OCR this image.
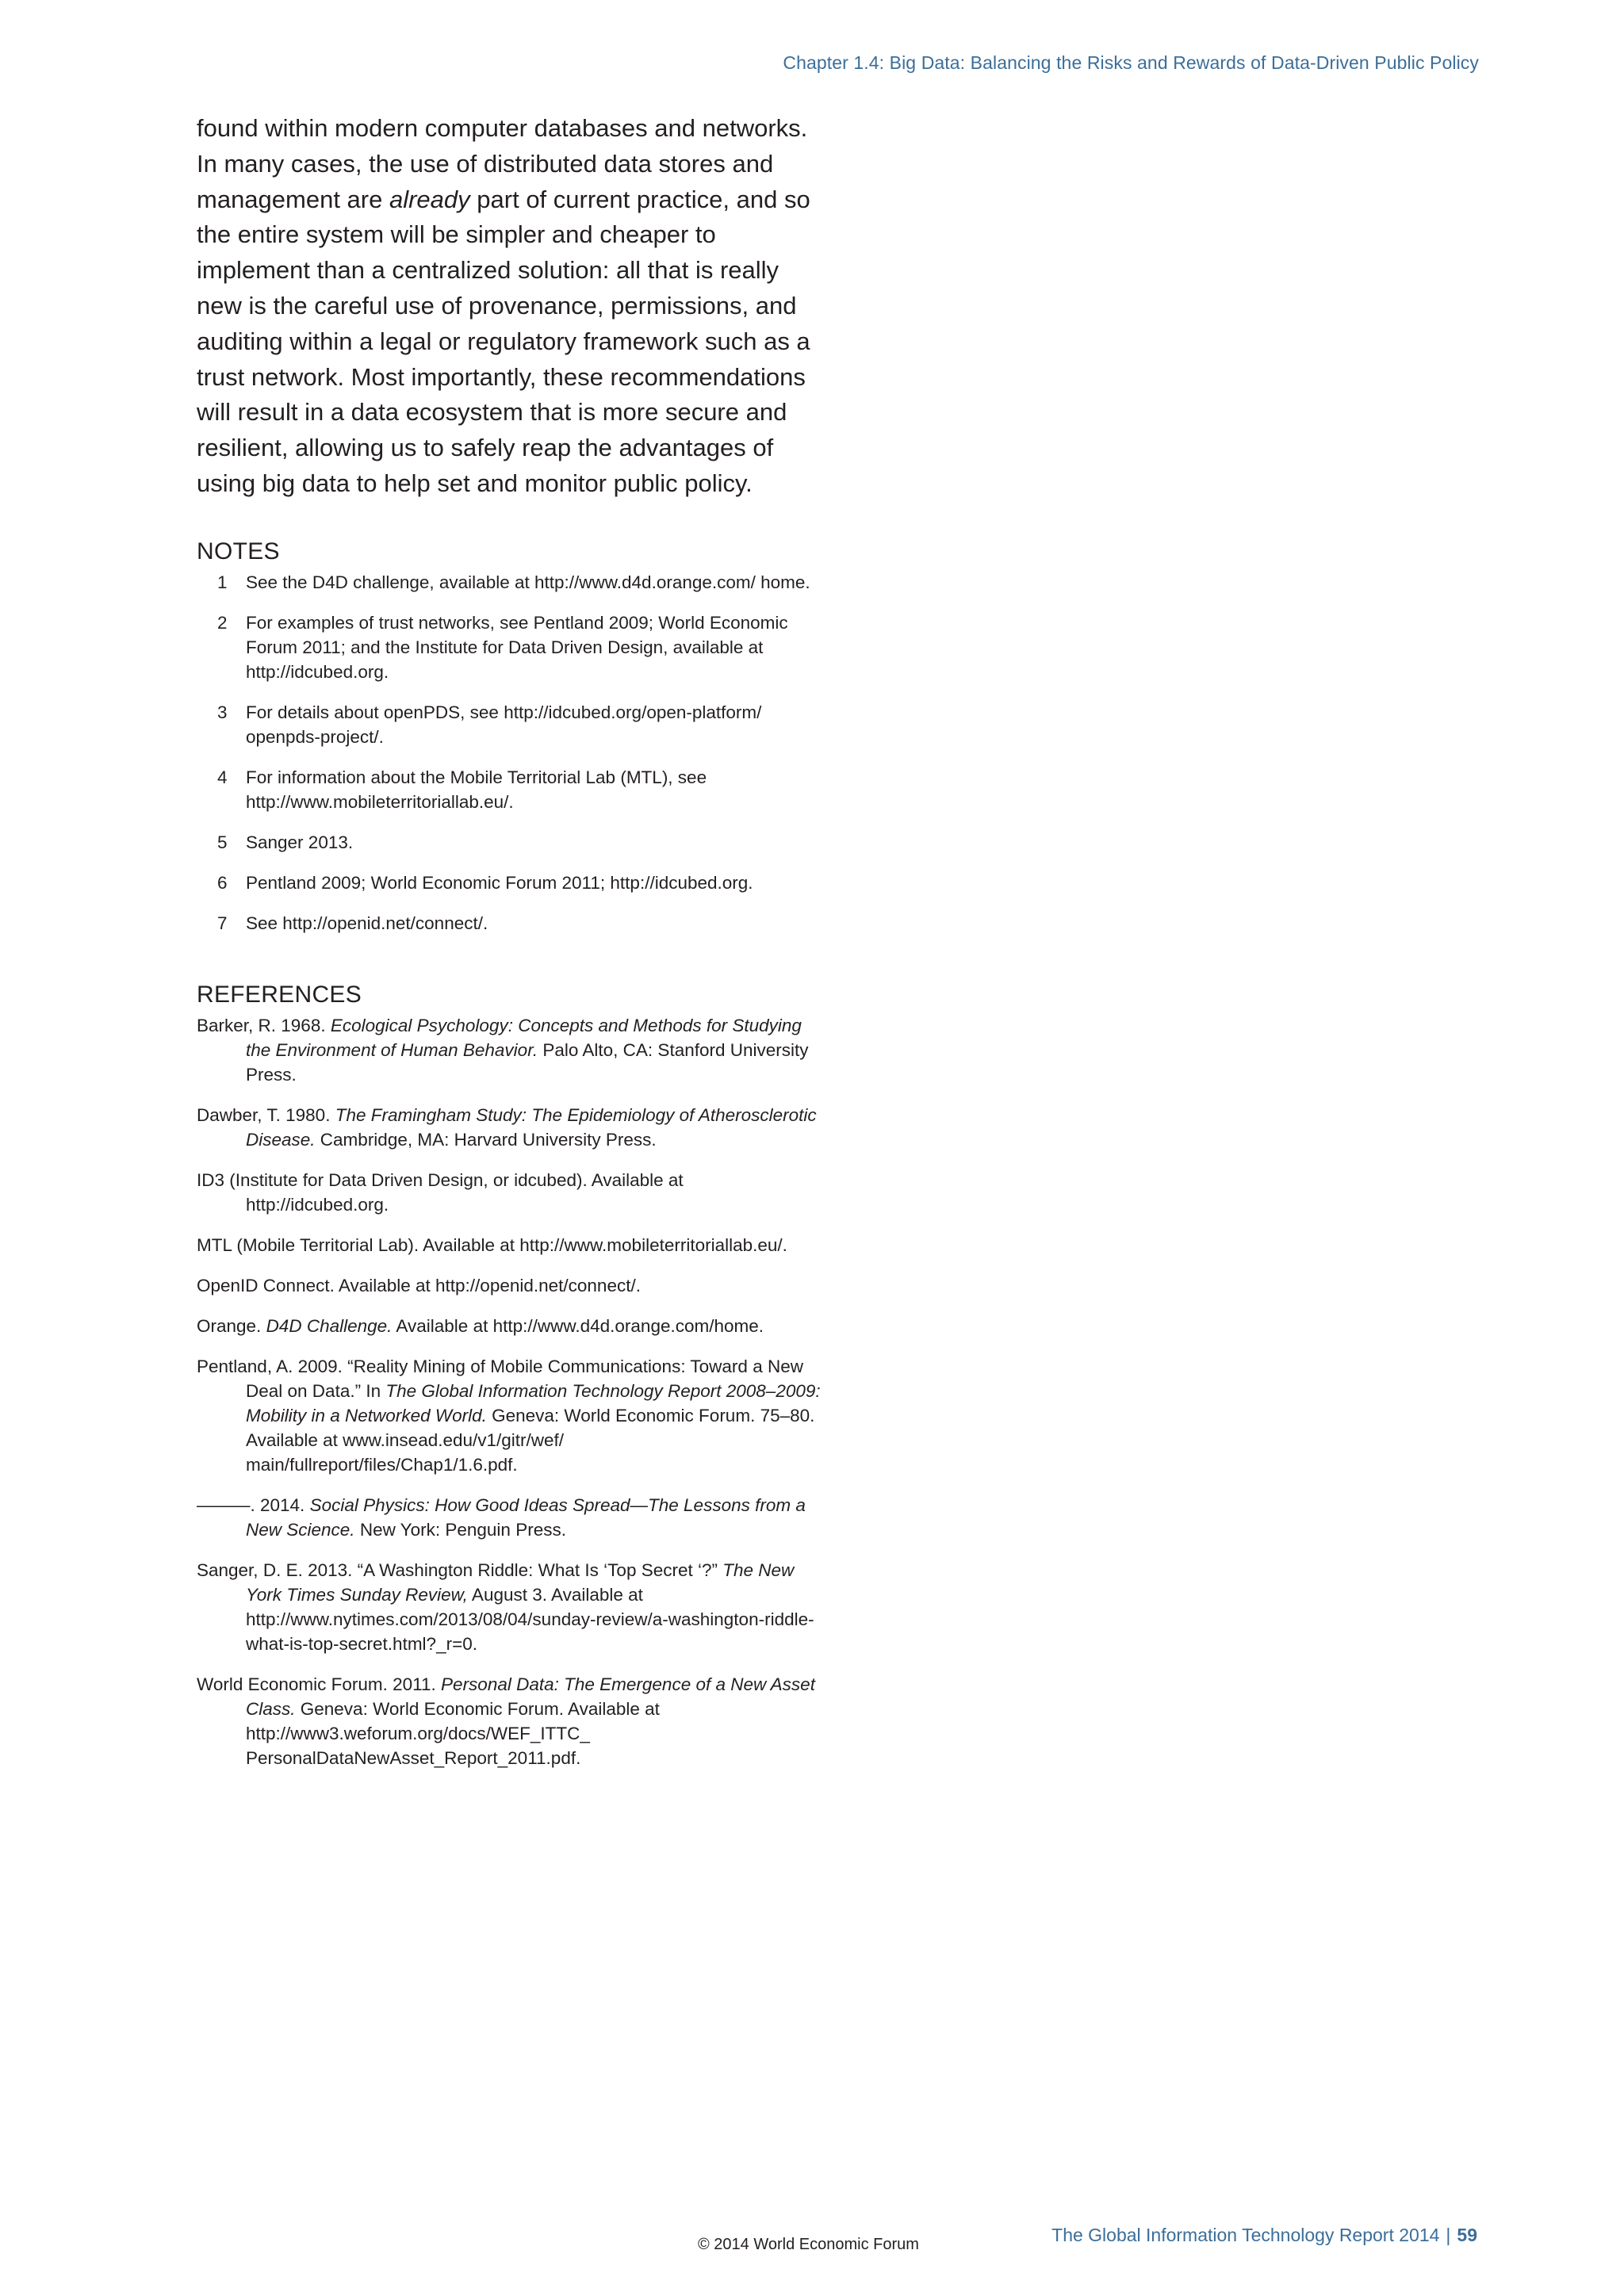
Chapter 1.4: Big Data: Balancing the Risks and Rewards of Data-Driven Public Policy

found within modern computer databases and networks. In many cases, the use of distributed data stores and management are already part of current practice, and so the entire system will be simpler and cheaper to implement than a centralized solution: all that is really new is the careful use of provenance, permissions, and auditing within a legal or regulatory framework such as a trust network. Most importantly, these recommendations will result in a data ecosystem that is more secure and resilient, allowing us to safely reap the advantages of using big data to help set and monitor public policy.

NOTES
1 See the D4D challenge, available at http://www.d4d.orange.com/ home.
2 For examples of trust networks, see Pentland 2009; World Economic Forum 2011; and the Institute for Data Driven Design, available at http://idcubed.org.
3 For details about openPDS, see http://idcubed.org/open-platform/ openpds-project/.
4 For information about the Mobile Territorial Lab (MTL), see http://www.mobileterritoriallab.eu/.
5 Sanger 2013.
6 Pentland 2009; World Economic Forum 2011; http://idcubed.org.
7 See http://openid.net/connect/.
REFERENCES
Barker, R. 1968. Ecological Psychology: Concepts and Methods for Studying the Environment of Human Behavior. Palo Alto, CA: Stanford University Press.
Dawber, T. 1980. The Framingham Study: The Epidemiology of Atherosclerotic Disease. Cambridge, MA: Harvard University Press.
ID3 (Institute for Data Driven Design, or idcubed). Available at http://idcubed.org.
MTL (Mobile Territorial Lab). Available at http://www.mobileterritoriallab.eu/.
OpenID Connect. Available at http://openid.net/connect/.
Orange. D4D Challenge. Available at http://www.d4d.orange.com/home.
Pentland, A. 2009. “Reality Mining of Mobile Communications: Toward a New Deal on Data.” In The Global Information Technology Report 2008–2009: Mobility in a Networked World. Geneva: World Economic Forum. 75–80. Available at www.insead.edu/v1/gitr/wef/ main/fullreport/files/Chap1/1.6.pdf.
———. 2014. Social Physics: How Good Ideas Spread—The Lessons from a New Science. New York: Penguin Press.
Sanger, D. E. 2013. “A Washington Riddle: What Is ‘Top Secret ‘?” The New York Times Sunday Review, August 3. Available at http://www.nytimes.com/2013/08/04/sunday-review/a-washington-riddle-what-is-top-secret.html?_r=0.
World Economic Forum. 2011. Personal Data: The Emergence of a New Asset Class. Geneva: World Economic Forum. Available at http://www3.weforum.org/docs/WEF_ITTC_ PersonalDataNewAsset_Report_2011.pdf.
© 2014 World Economic Forum	The Global Information Technology Report 2014 | 59
